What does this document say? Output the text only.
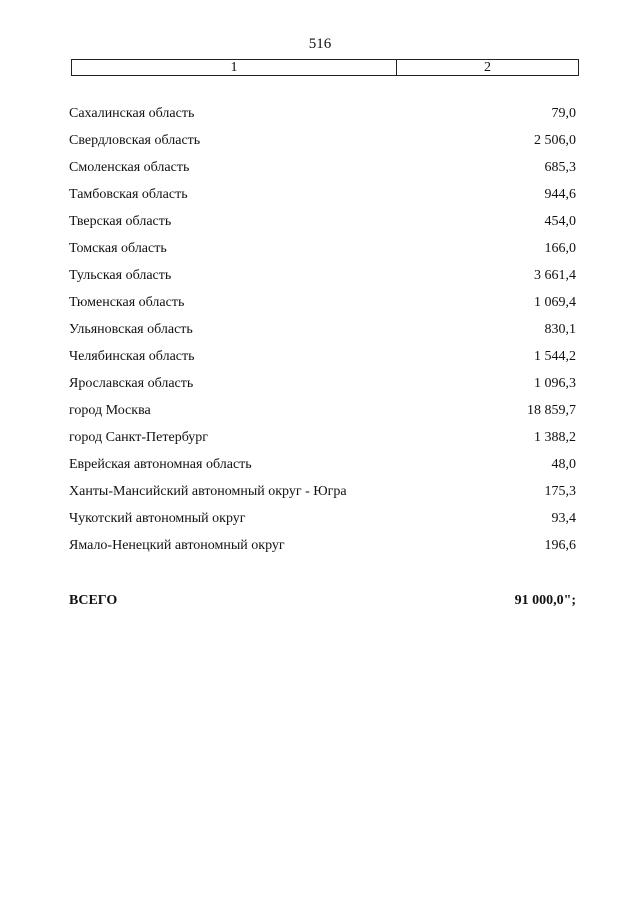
516
1	2
Сахалинская область	79,0
Свердловская область	2 506,0
Смоленская область	685,3
Тамбовская область	944,6
Тверская область	454,0
Томская область	166,0
Тульская область	3 661,4
Тюменская область	1 069,4
Ульяновская область	830,1
Челябинская область	1 544,2
Ярославская область	1 096,3
город Москва	18 859,7
город Санкт-Петербург	1 388,2
Еврейская автономная область	48,0
Ханты-Мансийский автономный округ - Югра	175,3
Чукотский автономный округ	93,4
Ямало-Ненецкий автономный округ	196,6
ВСЕГО	91 000,0";
